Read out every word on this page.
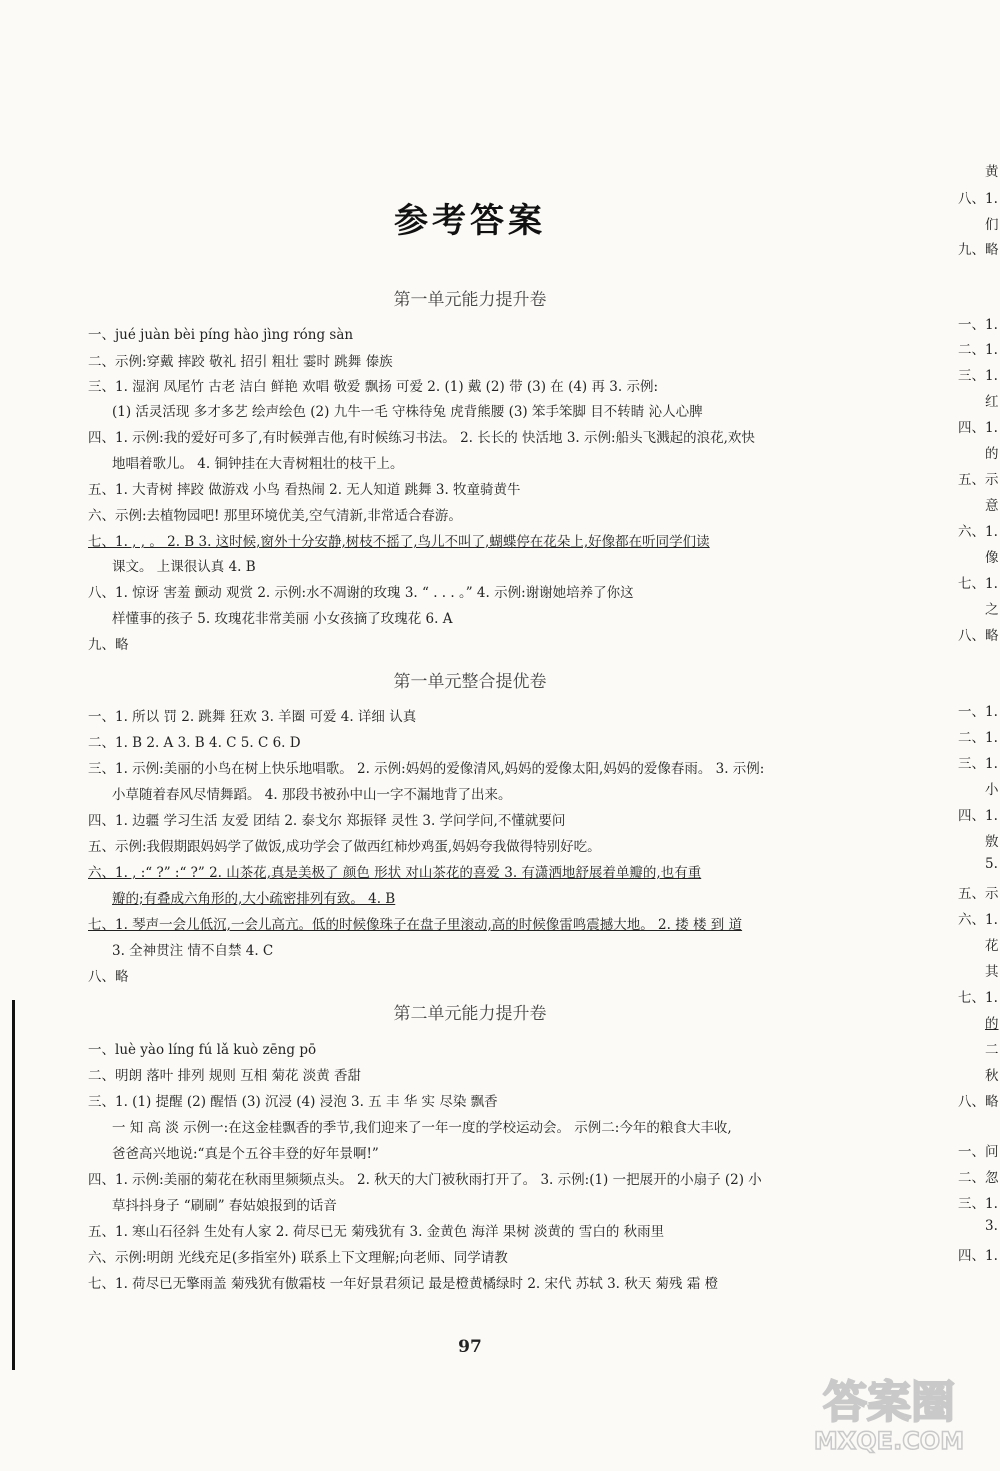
参考答案
第一单元能力提升卷
一、jué juàn bèi píng hào jìng róng sàn
二、示例:穿戴 摔跤 敬礼 招引 粗壮 霎时 跳舞 傣族
三、1. 湿润 凤尾竹 古老 洁白 鲜艳 欢唱 敬爱 飘扬 可爱 2. (1) 戴 (2) 带 (3) 在 (4) 再 3. 示例:
(1) 活灵活现 多才多艺 绘声绘色 (2) 九牛一毛 守株待兔 虎背熊腰 (3) 笨手笨脚 目不转睛 沁人心脾
四、1. 示例:我的爱好可多了,有时候弹吉他,有时候练习书法。 2. 长长的 快活地 3. 示例:船头飞溅起的浪花,欢快
地唱着歌儿。 4. 铜钟挂在大青树粗壮的枝干上。
五、1. 大青树 摔跤 做游戏 小鸟 看热闹 2. 无人知道 跳舞 3. 牧童骑黄牛
六、示例:去植物园吧! 那里环境优美,空气清新,非常适合春游。
七、1. , , 。 2. B 3. 这时候,窗外十分安静,树枝不摇了,鸟儿不叫了,蝴蝶停在花朵上,好像都在听同学们读
课文。 上课很认真 4. B
八、1. 惊讶 害羞 颤动 观赏 2. 示例:水不凋谢的玫瑰 3. “ . . . 。” 4. 示例:谢谢她培养了你这
样懂事的孩子 5. 玫瑰花非常美丽 小女孩摘了玫瑰花 6. A
九、略
第一单元整合提优卷
一、1. 所以 罚 2. 跳舞 狂欢 3. 羊圈 可爱 4. 详细 认真
二、1. B 2. A 3. B 4. C 5. C 6. D
三、1. 示例:美丽的小鸟在树上快乐地唱歌。 2. 示例:妈妈的爱像清风,妈妈的爱像太阳,妈妈的爱像春雨。 3. 示例:
小草随着春风尽情舞蹈。 4. 那段书被孙中山一字不漏地背了出来。
四、1. 边疆 学习生活 友爱 团结 2. 泰戈尔 郑振铎 灵性 3. 学问学问,不懂就要问
五、示例:我假期跟妈妈学了做饭,成功学会了做西红柿炒鸡蛋,妈妈夸我做得特别好吃。
六、1. , :“ ?” :“ ?” 2. 山茶花,真是美极了 颜色 形状 对山茶花的喜爱 3. 有潇洒地舒展着单瓣的,也有重
瓣的;有叠成六角形的,大小疏密排列有致。 4. B
七、1. 琴声一会儿低沉,一会儿高亢。低的时候像珠子在盘子里滚动,高的时候像雷鸣震撼大地。 2. 搂 楼 到 道
3. 全神贯注 情不自禁 4. C
八、略
第二单元能力提升卷
一、luè yào líng fú lǎ kuò zēng pō
二、明朗 落叶 排列 规则 互相 菊花 淡黄 香甜
三、1. (1) 提醒 (2) 醒悟 (3) 沉浸 (4) 浸泡 3. 五 丰 华 实 尽染 飘香
一 知 高 淡 示例一:在这金桂飘香的季节,我们迎来了一年一度的学校运动会。 示例二:今年的粮食大丰收,
爸爸高兴地说:“真是个五谷丰登的好年景啊!”
四、1. 示例:美丽的菊花在秋雨里频频点头。 2. 秋天的大门被秋雨打开了。 3. 示例:(1) 一把展开的小扇子 (2) 小
草抖抖身子 “刷刷” 春姑娘报到的话音
五、1. 寒山石径斜 生处有人家 2. 荷尽已无 菊残犹有 3. 金黄色 海洋 果树 淡黄的 雪白的 秋雨里
六、示例:明朗 光线充足(多指室外) 联系上下文理解;向老师、同学请教
七、1. 荷尽已无擎雨盖 菊残犹有傲霜枝 一年好景君须记 最是橙黄橘绿时 2. 宋代 苏轼 3. 秋天 菊残 霜 橙
97
黄
八、1.
们
九、略
一、1.
二、1.
三、1.
红
四、1.
的
五、示
意
六、1.
像
七、1.
之
八、略
一、1.
二、1.
三、1.
小
四、1.
敫
5.
五、示
六、1.
花
其
七、1.
的
二
秋
八、略
一、问
二、忽
三、1.
3.
四、1.
答案圈
MXQE.COM
